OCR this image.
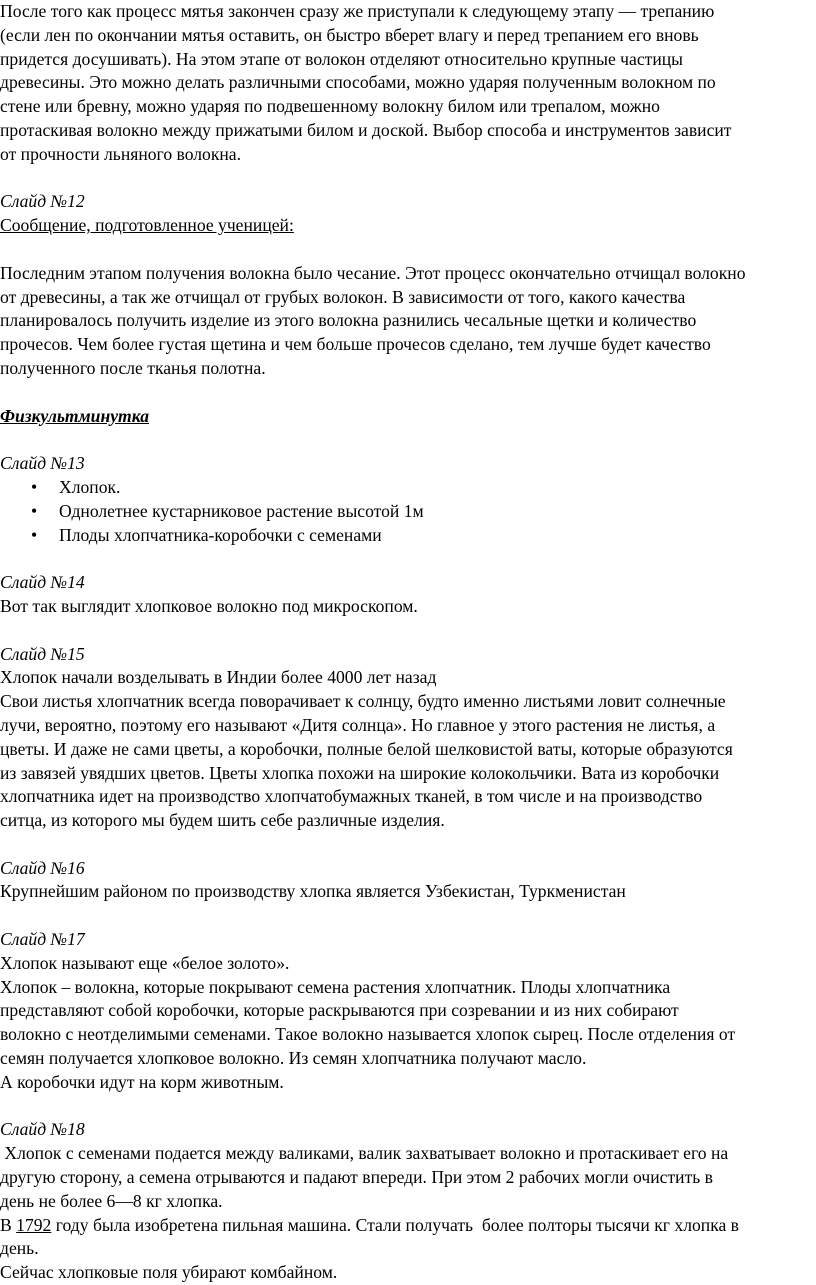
После того как процесс мятья закончен сразу же приступали к следующему этапу — трепанию
(если лен по окончании мятья оставить, он быстро вберет влагу и перед трепанием его вновь
придется досушивать). На этом этапе от волокон отделяют относительно крупные частицы
древесины. Это можно делать различными способами, можно ударяя полученным волокном по
стене или бревну, можно ударяя по подвешенному волокну билом или трепалом, можно
протаскивая волокно между прижатыми билом и доской. Выбор способа и инструментов зависит
от прочности льняного волокна.
Слайд №12
Сообщение, подготовленное ученицей:
Последним этапом получения волокна было чесание. Этот процесс окончательно отчищал волокно
от древесины, а так же отчищал от грубых волокон. В зависимости от того, какого качества
планировалось получить изделие из этого волокна разнились чесальные щетки и количество
прочесов. Чем более густая щетина и чем больше прочесов сделано, тем лучше будет качество
полученного после тканья полотна.
Физкультминутка
Слайд №13
• Хлопок.
• Однолетнее кустарниковое растение высотой 1м
• Плоды хлопчатника-коробочки с семенами
Слайд №14
Вот так выглядит хлопковое волокно под микроскопом.
Слайд №15
Хлопок начали возделывать в Индии более 4000 лет назад
Свои листья хлопчатник всегда поворачивает к солнцу, будто именно листьями ловит солнечные
лучи, вероятно, поэтому его называют «Дитя солнца». Но главное у этого растения не листья, а
цветы. И даже не сами цветы, а коробочки, полные белой шелковистой ваты, которые образуются
из завязей увядших цветов. Цветы хлопка похожи на широкие колокольчики. Вата из коробочки
хлопчатника идет на производство хлопчатобумажных тканей, в том числе и на производство
ситца, из которого мы будем шить себе различные изделия.
Слайд №16
Крупнейшим районом по производству хлопка является Узбекистан, Туркменистан
Слайд №17
Хлопок называют еще «белое золото».
Хлопок – волокна, которые покрывают семена растения хлопчатник. Плоды хлопчатника
представляют собой коробочки, которые раскрываются при созревании и из них собирают
волокно с неотделимыми семенами. Такое волокно называется хлопок сырец. После отделения от
семян получается хлопковое волокно. Из семян хлопчатника получают масло.
А коробочки идут на корм животным.
Слайд №18
Хлопок с семенами подается между валиками, валик захватывает волокно и протаскивает его на
другую сторону, а семена отрываются и падают впереди. При этом 2 рабочих могли очистить в
день не более 6—8 кг хлопка.
В 1792 году была изобретена пильная машина. Стали получать  более полторы тысячи кг хлопка в
день.
Сейчас хлопковые поля убирают комбайном.
